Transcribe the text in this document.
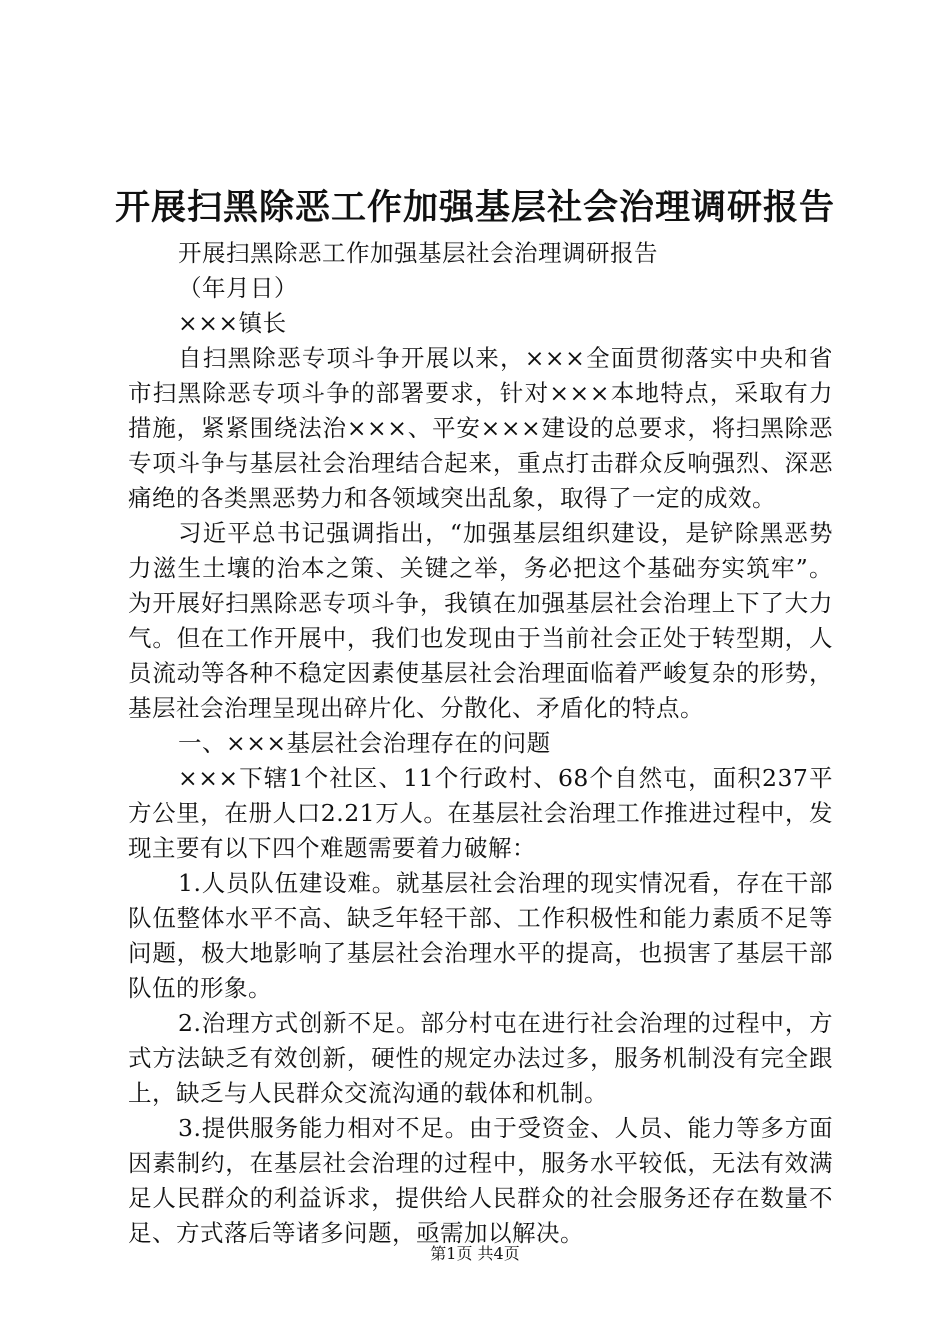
开展扫黑除恶工作加强基层社会治理调研报告

开展扫黑除恶工作加强基层社会治理调研报告

（年月日）

×××镇长

自扫黑除恶专项斗争开展以来，×××全面贯彻落实中央和省市扫黑除恶专项斗争的部署要求，针对×××本地特点，采取有力措施，紧紧围绕法治×××、平安×××建设的总要求，将扫黑除恶专项斗争与基层社会治理结合起来，重点打击群众反响强烈、深恶痛绝的各类黑恶势力和各领域突出乱象，取得了一定的成效。

习近平总书记强调指出，“加强基层组织建设，是铲除黑恶势力滋生土壤的治本之策、关键之举，务必把这个基础夯实筑牢”。为开展好扫黑除恶专项斗争，我镇在加强基层社会治理上下了大力气。但在工作开展中，我们也发现由于当前社会正处于转型期，人员流动等各种不稳定因素使基层社会治理面临着严峻复杂的形势，基层社会治理呈现出碎片化、分散化、矛盾化的特点。

一、×××基层社会治理存在的问题

×××下辖1个社区、11个行政村、68个自然屯，面积237平方公里，在册人口2.21万人。在基层社会治理工作推进过程中，发现主要有以下四个难题需要着力破解：

1.人员队伍建设难。就基层社会治理的现实情况看，存在干部队伍整体水平不高、缺乏年轻干部、工作积极性和能力素质不足等问题，极大地影响了基层社会治理水平的提高，也损害了基层干部队伍的形象。

2.治理方式创新不足。部分村屯在进行社会治理的过程中，方式方法缺乏有效创新，硬性的规定办法过多，服务机制没有完全跟上，缺乏与人民群众交流沟通的载体和机制。

3.提供服务能力相对不足。由于受资金、人员、能力等多方面因素制约，在基层社会治理的过程中，服务水平较低，无法有效满足人民群众的利益诉求，提供给人民群众的社会服务还存在数量不足、方式落后等诸多问题，亟需加以解决。

第1页 共4页
